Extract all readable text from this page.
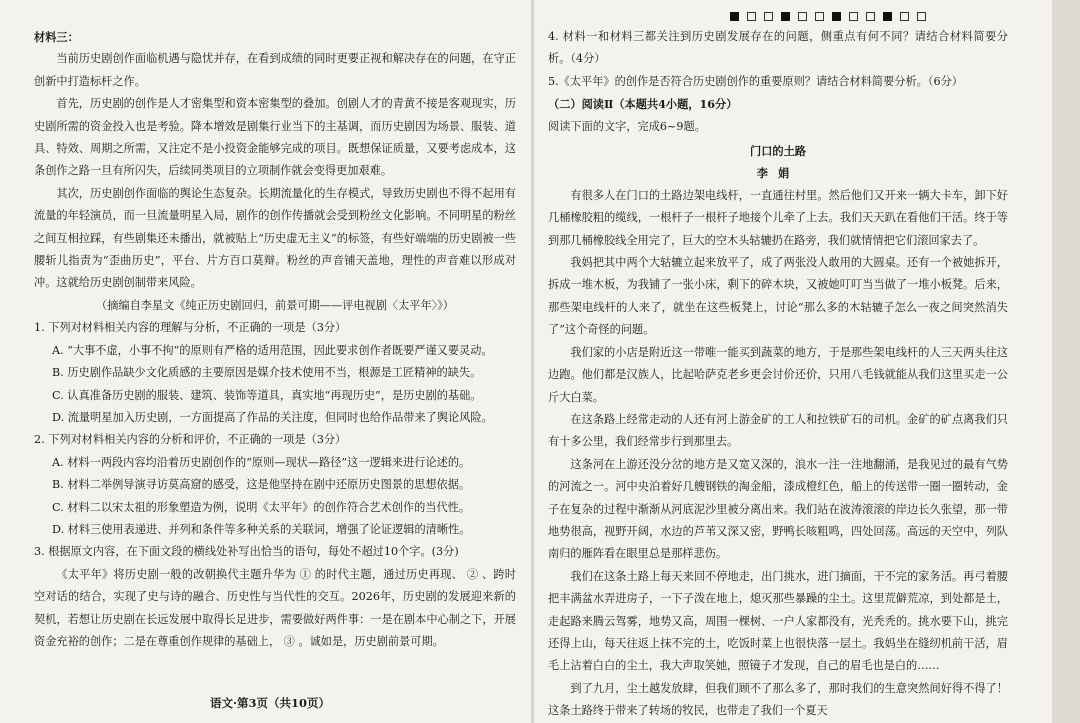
材料三：

当前历史剧创作面临机遇与隐忧并存，在看到成绩的同时更要正视和解决存在的问题，在守正创新中打造标杆之作。

首先，历史剧的创作是人才密集型和资本密集型的叠加。创剧人才的青黄不接是客观现实，历史剧所需的资金投入也是考验。降本增效是剧集行业当下的主基调，而历史剧因为场景、服装、道具、特效、周期之所需，又注定不是小投资金能够完成的项目。既想保证质量，又要考虑成本，这条创作之路一旦有所闪失，后续同类项目的立项制作就会变得更加艰难。

其次，历史剧创作面临的舆论生态复杂。长期流量化的生存模式，导致历史剧也不得不起用有流量的年轻演员，而一旦流量明星入局，剧作的创作传播就会受到粉丝文化影响。不同明星的粉丝之间互相拉踩，有些剧集还未播出，就被贴上“历史虚无主义”的标签，有些好端端的历史剧被一些腰斩儿指责为“歪曲历史”，平台、片方百口莫辩。粉丝的声音铺天盖地，理性的声音难以形成对冲。这就给历史剧创制带来风险。

（摘编自李星文《纯正历史剧回归，前景可期——评电视剧〈太平年〉》）

1. 下列对材料相关内容的理解与分析，不正确的一项是（3分）

A. “大事不虚，小事不拘”的原则有严格的适用范围，因此要求创作者既要严谨又要灵动。

B. 历史剧作品缺少文化质感的主要原因是媒介技术使用不当，根源是工匠精神的缺失。

C. 认真准备历史剧的服装、建筑、装饰等道具，真实地“再现历史”，是历史剧的基础。

D. 流量明星加入历史剧，一方面提高了作品的关注度，但同时也给作品带来了舆论风险。

2. 下列对材料相关内容的分析和评价，不正确的一项是（3分）

A. 材料一两段内容均沿着历史剧创作的“原则—现状—路径”这一逻辑来进行论述的。

B. 材料二举例导演寻访莫高窟的感受，这是他坚持在剧中还原历史图景的思想依据。

C. 材料二以宋太祖的形象塑造为例，说明《太平年》的创作符合艺术创作的当代性。

D. 材料三使用表递进、并列和条件等多种关系的关联词，增强了论证逻辑的清晰性。

3. 根据原文内容，在下面文段的横线处补写出恰当的语句，每处不超过10个字。(3分)

《太平年》将历史剧一般的改朝换代主题升华为 ① 的时代主题，通过历史再现、 ② 、跨时空对话的结合，实现了史与诗的融合、历史性与当代性的交互。2026年，历史剧的发展迎来新的契机，若想让历史剧在长远发展中取得长足进步，需要做好两件事：一是在剧本中心制之下，开展资金充裕的创作；二是在尊重创作规律的基础上， ③ 。诚如是，历史剧前景可期。

4. 材料一和材料三都关注到历史剧发展存在的问题，侧重点有何不同？请结合材料简要分析。（4分）

5.《太平年》的创作是否符合历史剧创作的重要原则？请结合材料简要分析。（6分）

（二）阅读Ⅱ（本题共4小题，16分）

阅读下面的文字，完成6~9题。

门口的土路

李娟

有很多人在门口的土路边架电线杆，一直通往村里。然后他们又开来一辆大卡车，卸下好几桶橡胶粗的缆线，一根杆子一根杆子地接个儿牵了上去。我们天天趴在看他们干活。终于等到那几桶橡胶线全用完了，巨大的空木头轱辘扔在路旁，我们就情情把它们滚回家去了。

我妈把其中两个大轱辘立起来放平了，成了两张没人敢用的大圆桌。还有一个被她拆开，拆成一堆木板，为我铺了一张小床，剩下的碎木块，又被她叮叮当当做了一堆小板凳。后来，那些架电线杆的人来了，就坐在这些板凳上，讨论“那么多的木轱辘子怎么一夜之间突然消失了”这个奇怪的问题。

我们家的小店是附近这一带唯一能买到蔬菜的地方，于是那些架电线杆的人三天两头往这边跑。他们都是汉族人，比起哈萨克老乡更会讨价还价，只用八毛钱就能从我们这里买走一公斤大白菜。

在这条路上经常走动的人还有河上游金矿的工人和拉铁矿石的司机。金矿的矿点离我们只有十多公里，我们经常步行到那里去。

这条河在上游还没分岔的地方是又宽又深的，浪水一注一注地翻涌，是我见过的最有气势的河流之一。河中央泊着好几艘钢铁的淘金船，漆成橙红色，船上的传送带一圈一圈转动，金子在复杂的过程中渐渐从河底泥沙里被分离出来。我们站在波涛滚滚的岸边长久张望，那一带地势很高，视野开阔，水边的芦苇又深又密，野鸭长咳粗鸣，四处回荡。高远的天空中，列队南归的雁阵看在眼里总是那样悲伤。

我们在这条土路上每天来回不停地走，出门挑水，进门摘面，干不完的家务活。再弓着腰把丰满盆水弄进房子，一下子泼在地上，熄灭那些暴躁的尘土。这里荒僻荒凉，到处都是土，走起路来腾云驾雾，地势又高，周围一棵树、一户人家都没有，光秃秃的。挑水要下山，挑完还得上山，每天往返上抹不完的土，吃饭时菜上也很快落一层土。我妈坐在缝纫机前干活，眉毛上沾着白白的尘土，我大声取笑她，照镜子才发现，自己的眉毛也是白的……

到了九月，尘土越发放肆，但我们顾不了那么多了，那时我们的生意突然间好得不得了！这条土路终于带来了转场的牧民，也带走了我们一个夏天

语文·第3页（共10页）
